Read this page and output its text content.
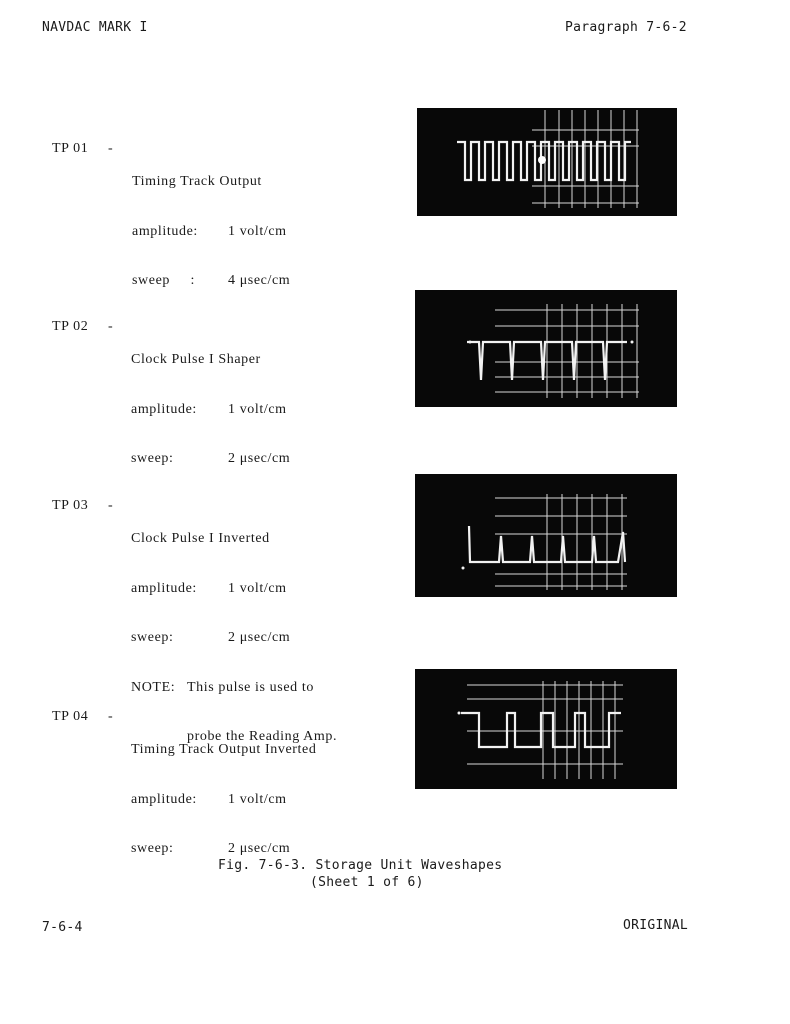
NAVDAC MARK I	Paragraph 7-6-2
TP 01 -

Timing Track Output

amplitude: 1 volt/cm

sweep     : 4 μsec/cm

TP 02 -

Clock Pulse I Shaper

amplitude: 1 volt/cm

sweep:	2 μsec/cm

TP 03 -

Clock Pulse I Inverted

amplitude: 1 volt/cm

sweep:	2 μsec/cm

NOTE: This pulse is used to

probe the Reading Amp.

TP 04 -

Timing Track Output Inverted

amplitude: 1 volt/cm

sweep:	2 μsec/cm

Fig. 7-6-3. Storage Unit Waveshapes
(Sheet 1 of 6)
7-6-4	ORIGINAL
